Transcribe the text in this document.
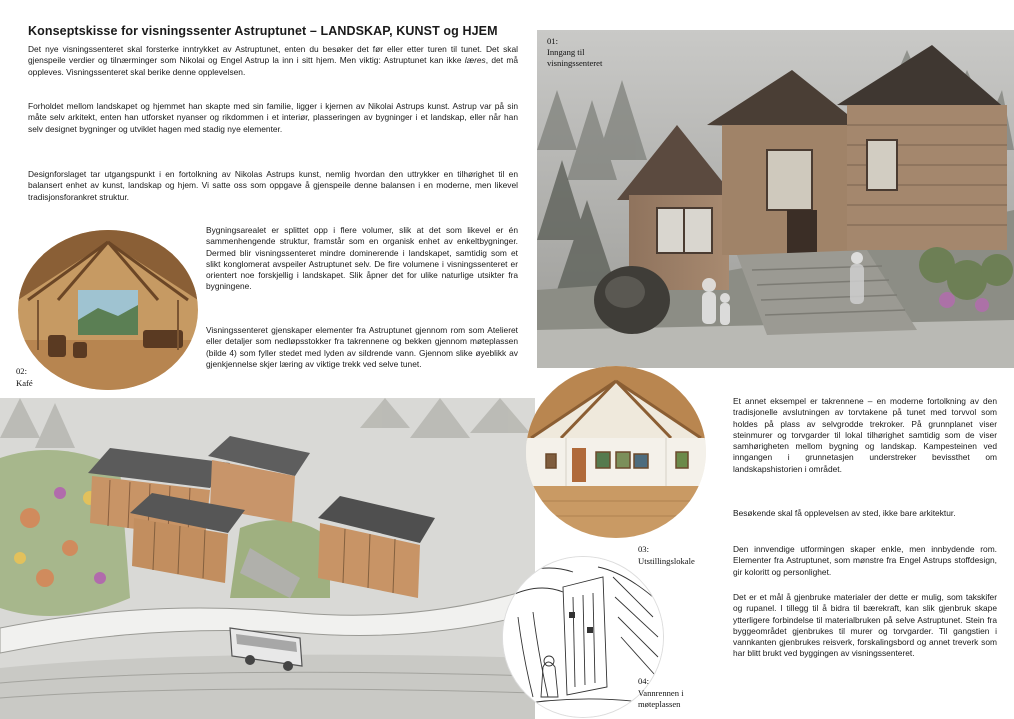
Konseptskisse for visningssenter Astruptunet – LANDSKAP, KUNST og HJEM

Det nye visningssenteret skal forsterke inntrykket av Astruptunet, enten du besøker det før eller etter turen til tunet. Det skal gjenspeile verdier og tilnærminger som Nikolai og Engel Astrup la inn i sitt hjem. Men viktig: Astruptunet kan ikke læres, det må oppleves. Visningssenteret skal berike denne opplevelsen.

Forholdet mellom landskapet og hjemmet han skapte med sin familie, ligger i kjernen av Nikolai Astrups kunst. Astrup var på sin måte selv arkitekt, enten han utforsket nyanser og rikdommen i et interiør, plasseringen av bygninger i et landskap, eller når han selv designet bygninger og utviklet hagen med stadig nye elementer.

Designforslaget tar utgangspunkt i en fortolkning av Nikolas Astrups kunst, nemlig hvordan den uttrykker en tilhørighet til en balansert enhet av kunst, landskap og hjem. Vi satte oss som oppgave å gjenspeile denne balansen i en moderne, men likevel tradisjonsforankret struktur.

Bygningsarealet er splittet opp i flere volumer, slik at det som likevel er én sammenhengende struktur, framstår som en organisk enhet av enkeltbygninger. Dermed blir visningssenteret mindre dominerende i landskapet, samtidig som et slikt konglomerat avspeiler Astruptunet selv. De fire volumene i visningssenteret er orientert noe forskjellig i landskapet. Slik åpner det for ulike naturlige utsikter fra bygningene.

Visningssenteret gjenskaper elementer fra Astruptunet gjennom rom som Atelieret eller detaljer som nedløpsstokker fra takrennene og bekken gjennom møteplassen (bilde 4) som fyller stedet med lyden av sildrende vann. Gjennom slike øyeblikk av gjenkjennelse skjer læring av viktige trekk ved selve tunet.

Et annet eksempel er takrennene – en moderne fortolkning av den tradisjonelle avslutningen av torvtakene på tunet med torvvol som holdes på plass av selvgrodde trekroker. På grunnplanet viser steinmurer og torvgarder til lokal tilhørighet samtidig som de viser samhørigheten mellom bygning og landskap. Kampesteinen ved inngangen i grunnetasjen understreker bevissthet om landskapshistorien i området.

Besøkende skal få opplevelsen av sted, ikke bare arkitektur.

Den innvendige utformingen skaper enkle, men innbydende rom. Elementer fra Astruptunet, som mønstre fra Engel Astrups stoffdesign, gir koloritt og personlighet.

Det er et mål å gjenbruke materialer der dette er mulig, som takskifer og rupanel. I tillegg til å bidra til bærekraft, kan slik gjenbruk skape ytterligere forbindelse til materialbruken på selve Astruptunet. Stein fra byggeområdet gjenbrukes til murer og torvgarder. Til gangstien i vannkanten gjenbrukes reisverk, forskalingsbord og annet treverk som har blitt brukt ved byggingen av visningssenteret.

01:
Inngang til visningssenteret
02:
Kafé
03:
Utstillingslokale
04:
Vannrennen i møteplassen
